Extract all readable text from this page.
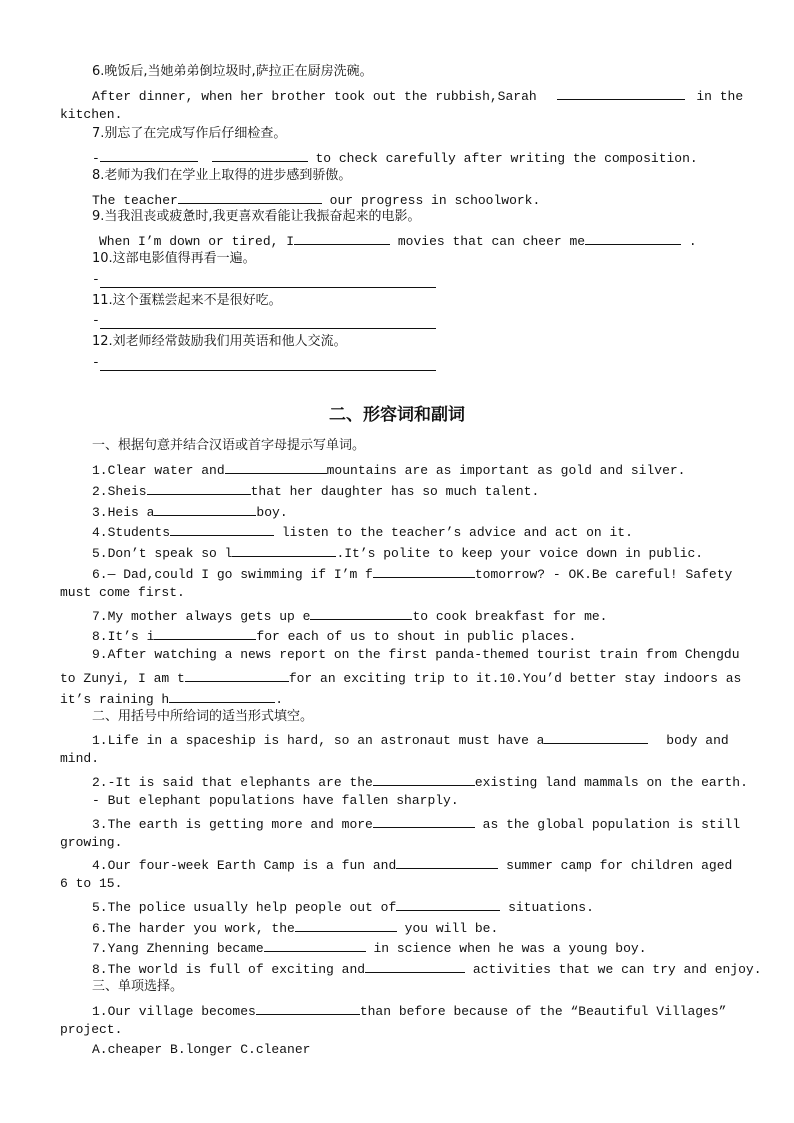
6.晚饭后,当她弟弟倒垃圾时,萨拉正在厨房洗碗。
After dinner, when her brother took out the rubbish,Sarah	in the
kitchen.
7.别忘了在完成写作后仔细检查。
-	to check carefully after writing the composition.
8.老师为我们在学业上取得的进步感到骄傲。
The teacher	our progress in schoolwork.
9.当我沮丧或疲惫时,我更喜欢看能让我振奋起来的电影。
When I’m down or tired, I	movies that can cheer me	.
10.这部电影值得再看一遍。
-
11.这个蛋糕尝起来不是很好吃。
-
12.刘老师经常鼓励我们用英语和他人交流。
-
二、形容词和副词
一、根据句意并结合汉语或首字母提示写单词。
1.Clear water and	mountains are as important as gold and silver.
2.Sheis	that her daughter has so much talent.
3.Heis a	boy.
4.Students	listen to the teacher’s advice and act on it.
5.Don’t speak so l	.It’s polite to keep your voice down in public.
6.— Dad,could I go swimming if I’m f	tomorrow? - OK.Be careful! Safety
must come first.
7.My mother always gets up e	to cook breakfast for me.
8.It’s i	for each of us to shout in public places.
9.After watching a news report on the first panda-themed tourist train from Chengdu
to Zunyi, I am t	for an exciting trip to it.10.You’d better stay indoors as
it’s raining h	.
二、用括号中所给词的适当形式填空。
1.Life in a spaceship is hard, so an astronaut must have a	body and
mind.
2.-It is said that elephants are the	existing land mammals on the earth.
- But elephant populations have fallen sharply.
3.The earth is getting more and more	as the global population is still
growing.
4.Our four-week Earth Camp is a fun and	summer camp for children aged
6 to 15.
5.The police usually help people out of	situations.
6.The harder you work, the	you will be.
7.Yang Zhenning became	in science when he was a young boy.
8.The world is full of exciting and	activities that we can try and enjoy.
三、单项选择。
1.Our village becomes	than before because of the “Beautiful Villages”
project.
A.cheaper B.longer C.cleaner
